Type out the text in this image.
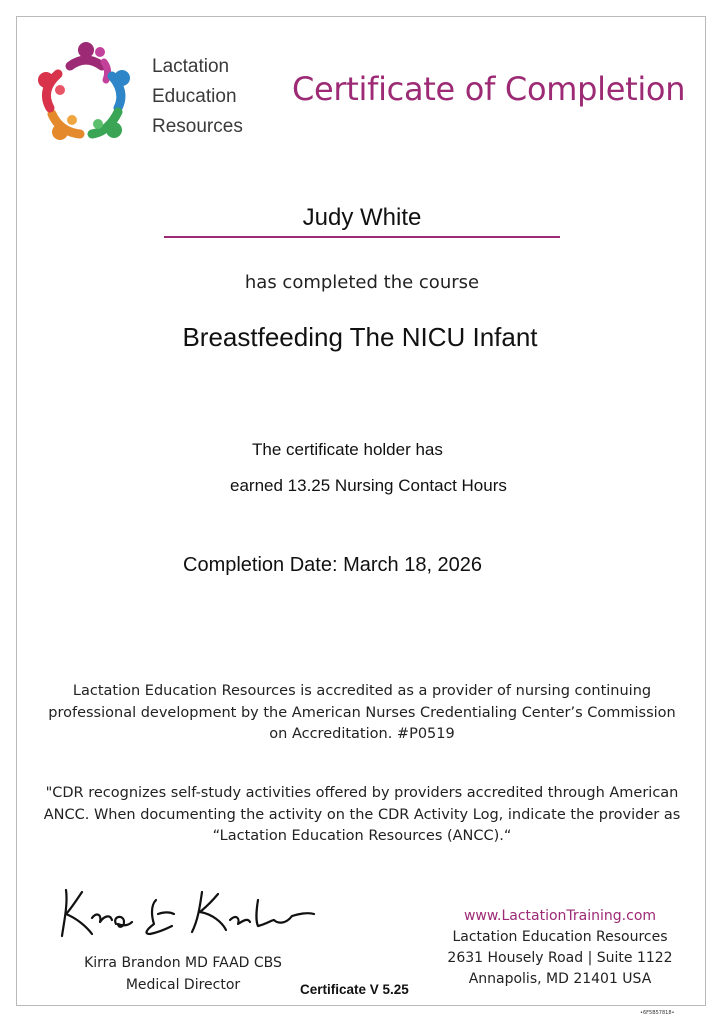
Lactation
Education
Resources
Certificate of Completion
Judy White
has completed the course
Breastfeeding The NICU Infant
The certificate holder has
earned 13.25 Nursing Contact Hours
Completion Date: March 18, 2026
Lactation Education Resources is accredited as a provider of nursing continuing
professional development by the American Nurses Credentialing Center’s Commission
on Accreditation. #P0519
"CDR recognizes self-study activities offered by providers accredited through American
ANCC. When documenting the activity on the CDR Activity Log, indicate the provider as
“Lactation Education Resources (ANCC).“
Kirra Brandon MD FAAD CBS
Medical Director
www.LactationTraining.com
Lactation Education Resources
2631 Housely Road | Suite 1122
Annapolis, MD 21401 USA
Certificate V 5.25
•6F5B57818•
